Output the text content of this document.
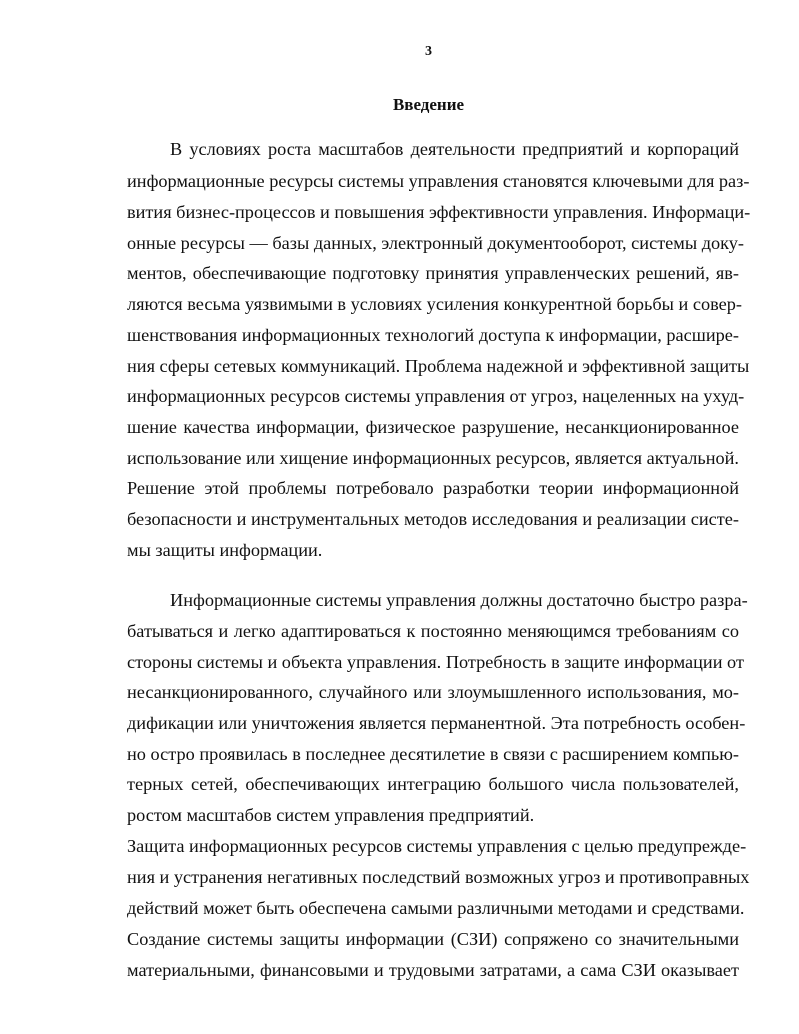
3
Введение
В условиях роста масштабов деятельности предприятий и корпораций
информационные ресурсы системы управления становятся ключевыми для раз-
вития бизнес-процессов и повышения эффективности управления. Информаци-
онные ресурсы — базы данных, электронный документооборот, системы доку-
ментов, обеспечивающие подготовку принятия управленческих решений, яв-
ляются весьма уязвимыми в условиях усиления конкурентной борьбы и совер-
шенствования информационных технологий доступа к информации, расшире-
ния сферы сетевых коммуникаций. Проблема надежной и эффективной защиты
информационных ресурсов системы управления от угроз, нацеленных на ухуд-
шение качества информации, физическое разрушение, несанкционированное
использование или хищение информационных ресурсов, является актуальной.
Решение этой проблемы потребовало разработки теории информационной
безопасности и инструментальных методов исследования и реализации систе-
мы защиты информации.
Информационные системы управления должны достаточно быстро разра-
батываться и легко адаптироваться к постоянно меняющимся требованиям со
стороны системы и объекта управления. Потребность в защите информации от
несанкционированного, случайного или злоумышленного использования, мо-
дификации или уничтожения является перманентной. Эта потребность особен-
но остро проявилась в последнее десятилетие в связи с расширением компью-
терных сетей, обеспечивающих интеграцию большого числа пользователей,
ростом масштабов систем управления предприятий.
Защита информационных ресурсов системы управления с целью предупрежде-
ния и устранения негативных последствий возможных угроз и противоправных
действий может быть обеспечена самыми различными методами и средствами.
Создание системы защиты информации (СЗИ) сопряжено со значительными
материальными, финансовыми и трудовыми затратами, а сама СЗИ оказывает
